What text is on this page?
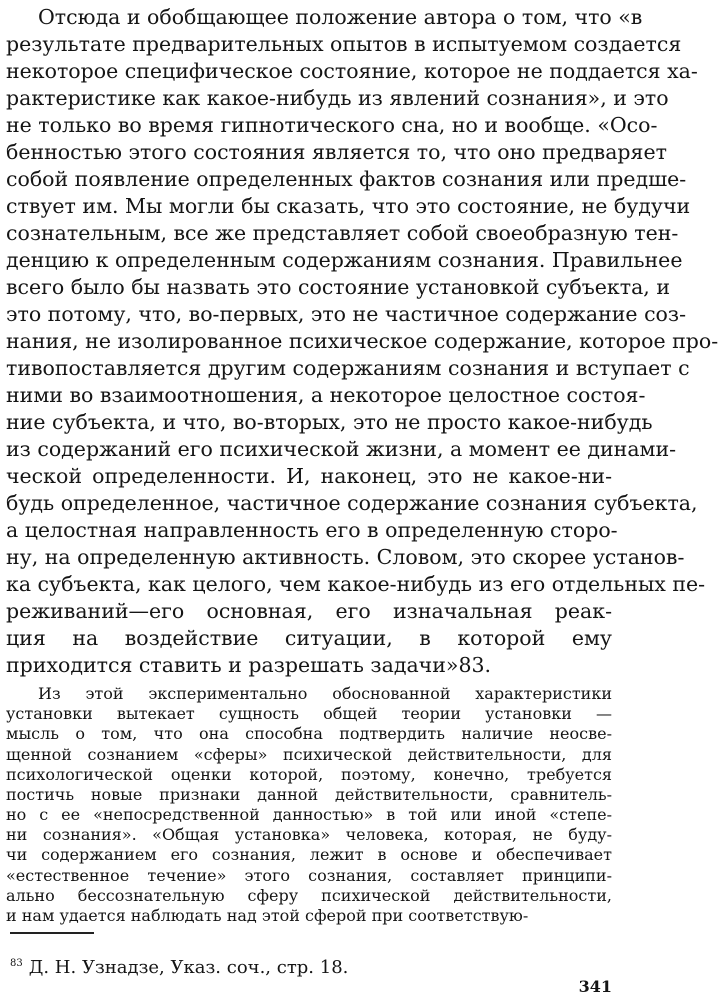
Отсюда и обобщающее положение автора о том, что «в
результате предварительных опытов в испытуемом создается
некоторое специфическое состояние, которое не поддается ха-
рактеристике как какое-нибудь из явлений сознания», и это
не только во время гипнотического сна, но и вообще. «Осо-
бенностью этого состояния является то, что оно предваряет
собой появление определенных фактов сознания или предше-
ствует им. Мы могли бы сказать, что это состояние, не будучи
сознательным, все же представляет собой своеобразную тен-
денцию к определенным содержаниям сознания. Правильнее
всего было бы назвать это состояние установкой субъекта, и
это потому, что, во-первых, это не частичное содержание соз-
нания, не изолированное психическое содержание, которое про-
тивопоставляется другим содержаниям сознания и вступает с
ними во взаимоотношения, а некоторое целостное состоя-
ние субъекта, и что, во-вторых, это не просто какое-нибудь
из содержаний его психической жизни, а момент ее динами-
ческой определенности. И, наконец, это не какое-ни-
будь определенное, частичное содержание сознания субъекта,
а целостная направленность его в определенную сторо-
ну, на определенную активность. Словом, это скорее установ-
ка субъекта, как целого, чем какое-нибудь из его отдельных пе-
реживаний—его основная, его изначальная реак-
ция на воздействие ситуации, в которой ему
приходится ставить и разрешать задачи»83.
Из этой экспериментально обоснованной характеристики
установки вытекает сущность общей теории установки —
мысль о том, что она способна подтвердить наличие неосве-
щенной сознанием «сферы» психической действительности, для
психологической оценки которой, поэтому, конечно, требуется
постичь новые признаки данной действительности, сравнитель-
но с ее «непосредственной данностью» в той или иной «степе-
ни сознания». «Общая установка» человека, которая, не буду-
чи содержанием его сознания, лежит в основе и обеспечивает
«естественное течение» этого сознания, составляет принципи-
ально бессознательную сферу психической действительности,
и нам удается наблюдать над этой сферой при соответствую-
$^{83}$ Д. Н. Узнадзе, Указ. соч., стр. 18.
341
